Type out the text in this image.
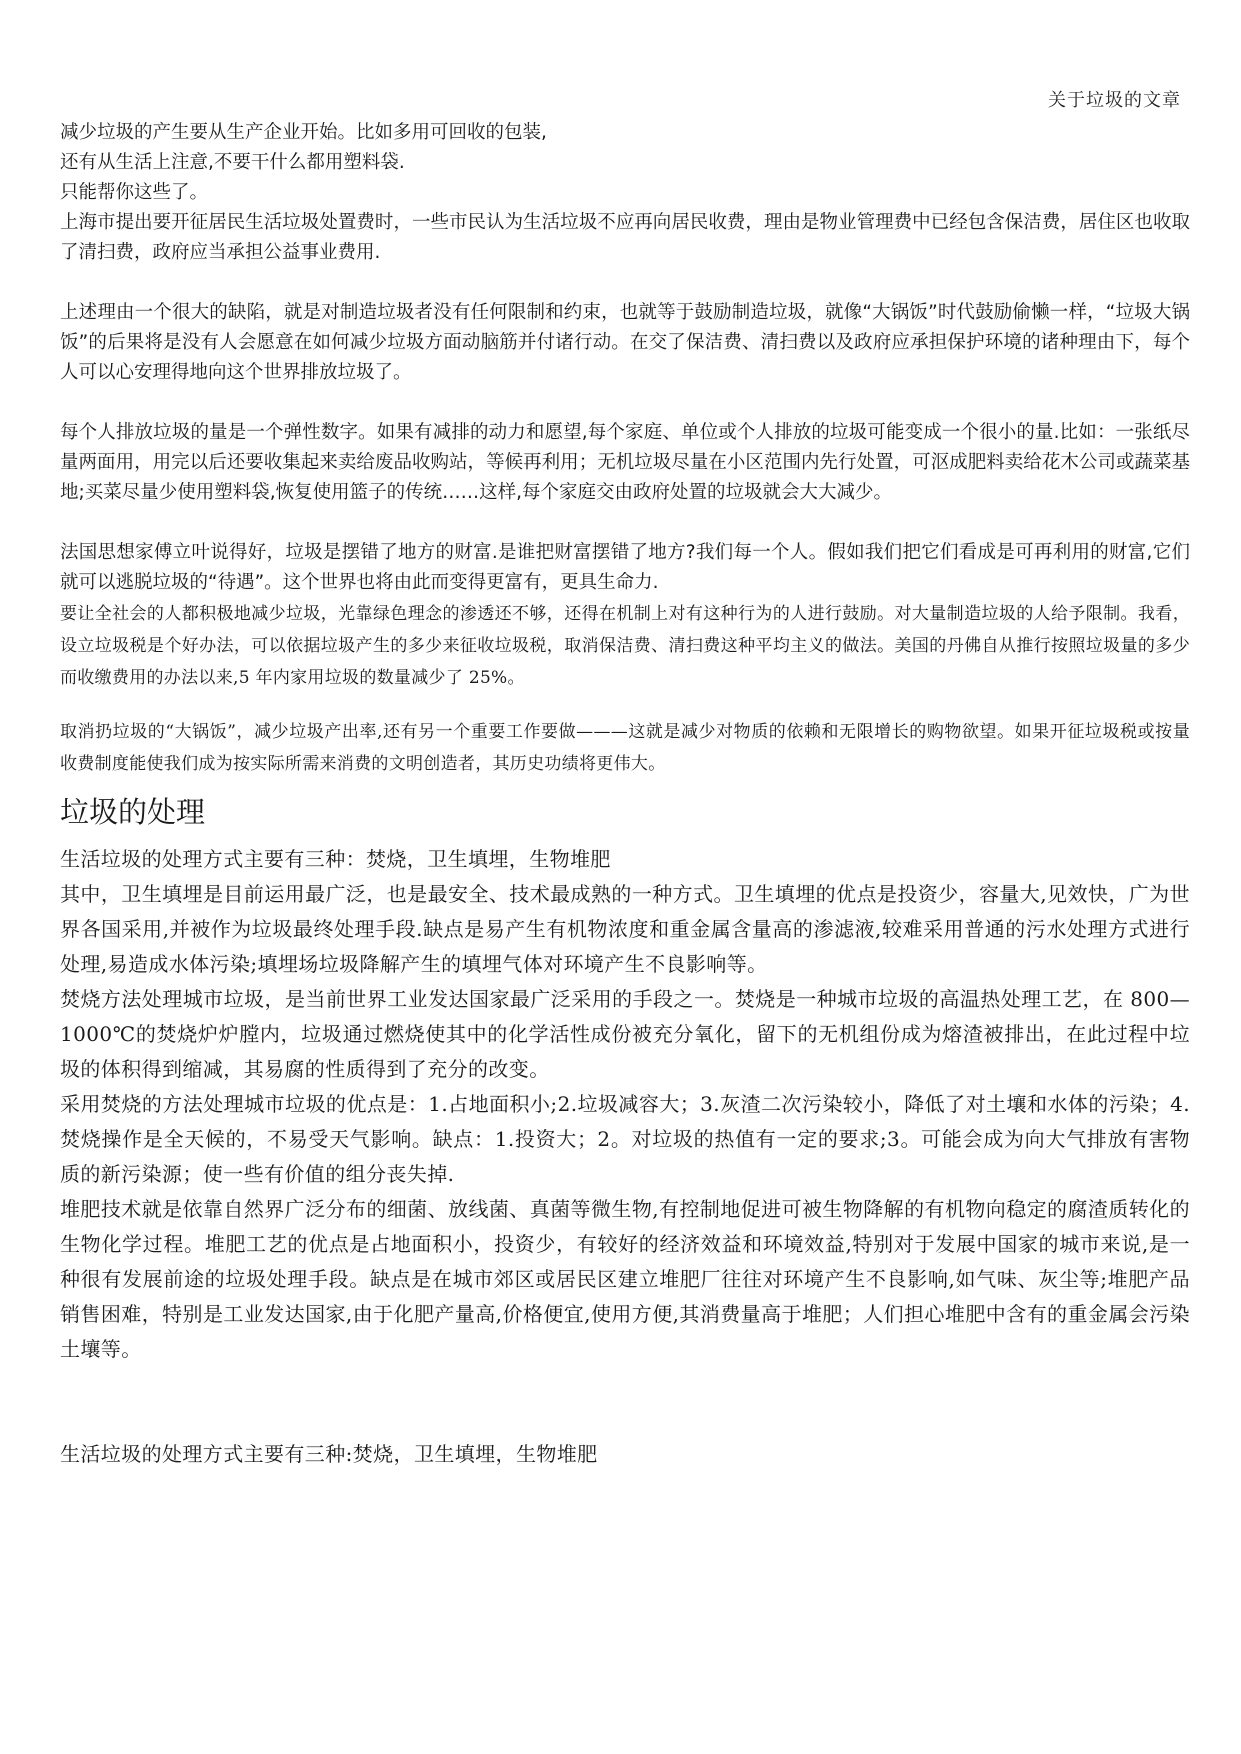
关于垃圾的文章

减少垃圾的产生要从生产企业开始。比如多用可回收的包装,

还有从生活上注意,不要干什么都用塑料袋.

只能帮你这些了。

上海市提出要开征居民生活垃圾处置费时，一些市民认为生活垃圾不应再向居民收费，理由是物业管理费中已经包含保洁费，居住区也收取了清扫费，政府应当承担公益事业费用.

上述理由一个很大的缺陷，就是对制造垃圾者没有任何限制和约束，也就等于鼓励制造垃圾，就像“大锅饭”时代鼓励偷懒一样，“垃圾大锅饭”的后果将是没有人会愿意在如何减少垃圾方面动脑筋并付诸行动。在交了保洁费、清扫费以及政府应承担保护环境的诸种理由下，每个人可以心安理得地向这个世界排放垃圾了。

每个人排放垃圾的量是一个弹性数字。如果有减排的动力和愿望,每个家庭、单位或个人排放的垃圾可能变成一个很小的量.比如：一张纸尽量两面用，用完以后还要收集起来卖给废品收购站，等候再利用；无机垃圾尽量在小区范围内先行处置，可沤成肥料卖给花木公司或蔬菜基地;买菜尽量少使用塑料袋,恢复使用篮子的传统……这样,每个家庭交由政府处置的垃圾就会大大减少。

法国思想家傅立叶说得好，垃圾是摆错了地方的财富.是谁把财富摆错了地方?我们每一个人。假如我们把它们看成是可再利用的财富,它们就可以逃脱垃圾的“待遇”。这个世界也将由此而变得更富有，更具生命力.

要让全社会的人都积极地减少垃圾，光靠绿色理念的渗透还不够，还得在机制上对有这种行为的人进行鼓励。对大量制造垃圾的人给予限制。我看，设立垃圾税是个好办法，可以依据垃圾产生的多少来征收垃圾税，取消保洁费、清扫费这种平均主义的做法。美国的丹佛自从推行按照垃圾量的多少而收缴费用的办法以来,5 年内家用垃圾的数量减少了 25%。

取消扔垃圾的“大锅饭”，减少垃圾产出率,还有另一个重要工作要做———这就是减少对物质的依赖和无限增长的购物欲望。如果开征垃圾税或按量收费制度能使我们成为按实际所需来消费的文明创造者，其历史功绩将更伟大。

垃圾的处理

生活垃圾的处理方式主要有三种：焚烧，卫生填埋，生物堆肥

其中，卫生填埋是目前运用最广泛，也是最安全、技术最成熟的一种方式。卫生填埋的优点是投资少，容量大,见效快，广为世界各国采用,并被作为垃圾最终处理手段.缺点是易产生有机物浓度和重金属含量高的渗滤液,较难采用普通的污水处理方式进行处理,易造成水体污染;填埋场垃圾降解产生的填埋气体对环境产生不良影响等。

焚烧方法处理城市垃圾，是当前世界工业发达国家最广泛采用的手段之一。焚烧是一种城市垃圾的高温热处理工艺，在 800—1000℃的焚烧炉炉膛内，垃圾通过燃烧使其中的化学活性成份被充分氧化，留下的无机组份成为熔渣被排出，在此过程中垃圾的体积得到缩减，其易腐的性质得到了充分的改变。

采用焚烧的方法处理城市垃圾的优点是：1.占地面积小;2.垃圾减容大；3.灰渣二次污染较小，降低了对土壤和水体的污染；4.焚烧操作是全天候的，不易受天气影响。缺点：1.投资大；2。对垃圾的热值有一定的要求;3。可能会成为向大气排放有害物质的新污染源；使一些有价值的组分丧失掉.

堆肥技术就是依靠自然界广泛分布的细菌、放线菌、真菌等微生物,有控制地促进可被生物降解的有机物向稳定的腐渣质转化的生物化学过程。堆肥工艺的优点是占地面积小，投资少，有较好的经济效益和环境效益,特别对于发展中国家的城市来说,是一种很有发展前途的垃圾处理手段。缺点是在城市郊区或居民区建立堆肥厂往往对环境产生不良影响,如气味、灰尘等;堆肥产品销售困难，特别是工业发达国家,由于化肥产量高,价格便宜,使用方便,其消费量高于堆肥；人们担心堆肥中含有的重金属会污染土壤等。

生活垃圾的处理方式主要有三种:焚烧，卫生填埋，生物堆肥
